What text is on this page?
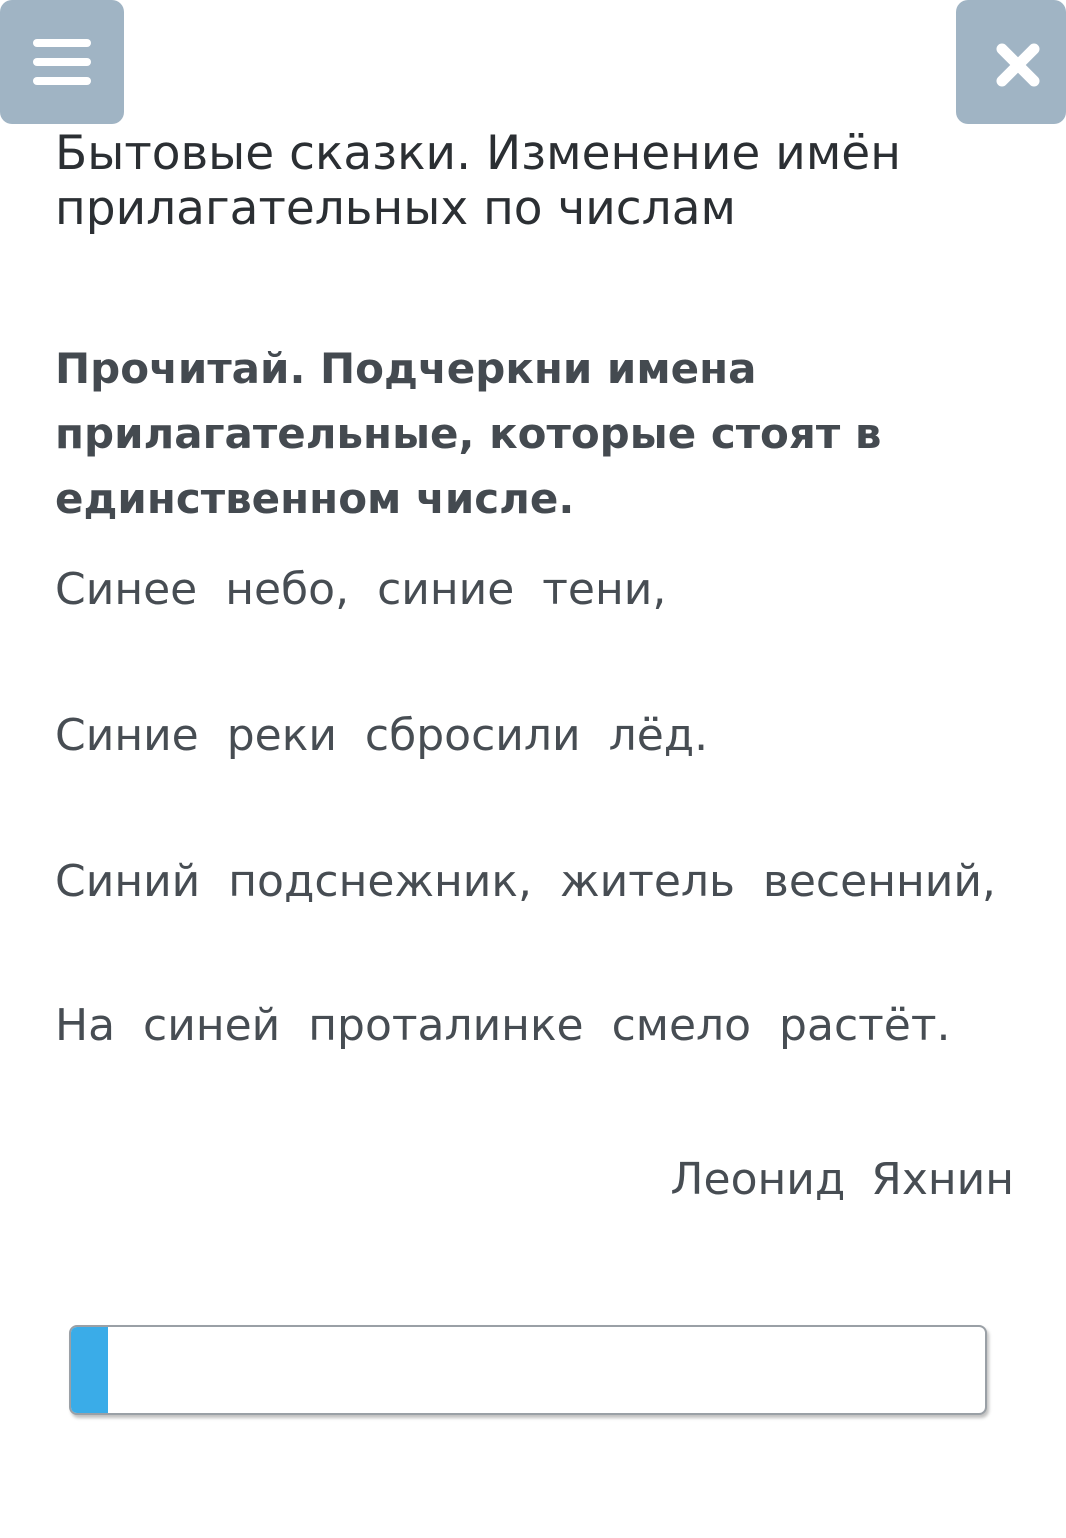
Бытовые сказки. Изменение имён прилагательных по числам

Прочитай. Подчеркни имена прилагательные, которые стоят в единственном числе.

Синее небо, синие тени,

Синие реки сбросили лёд.

Синий подснежник, житель весенний,

На синей проталинке смело растёт.

Леонид Яхнин
